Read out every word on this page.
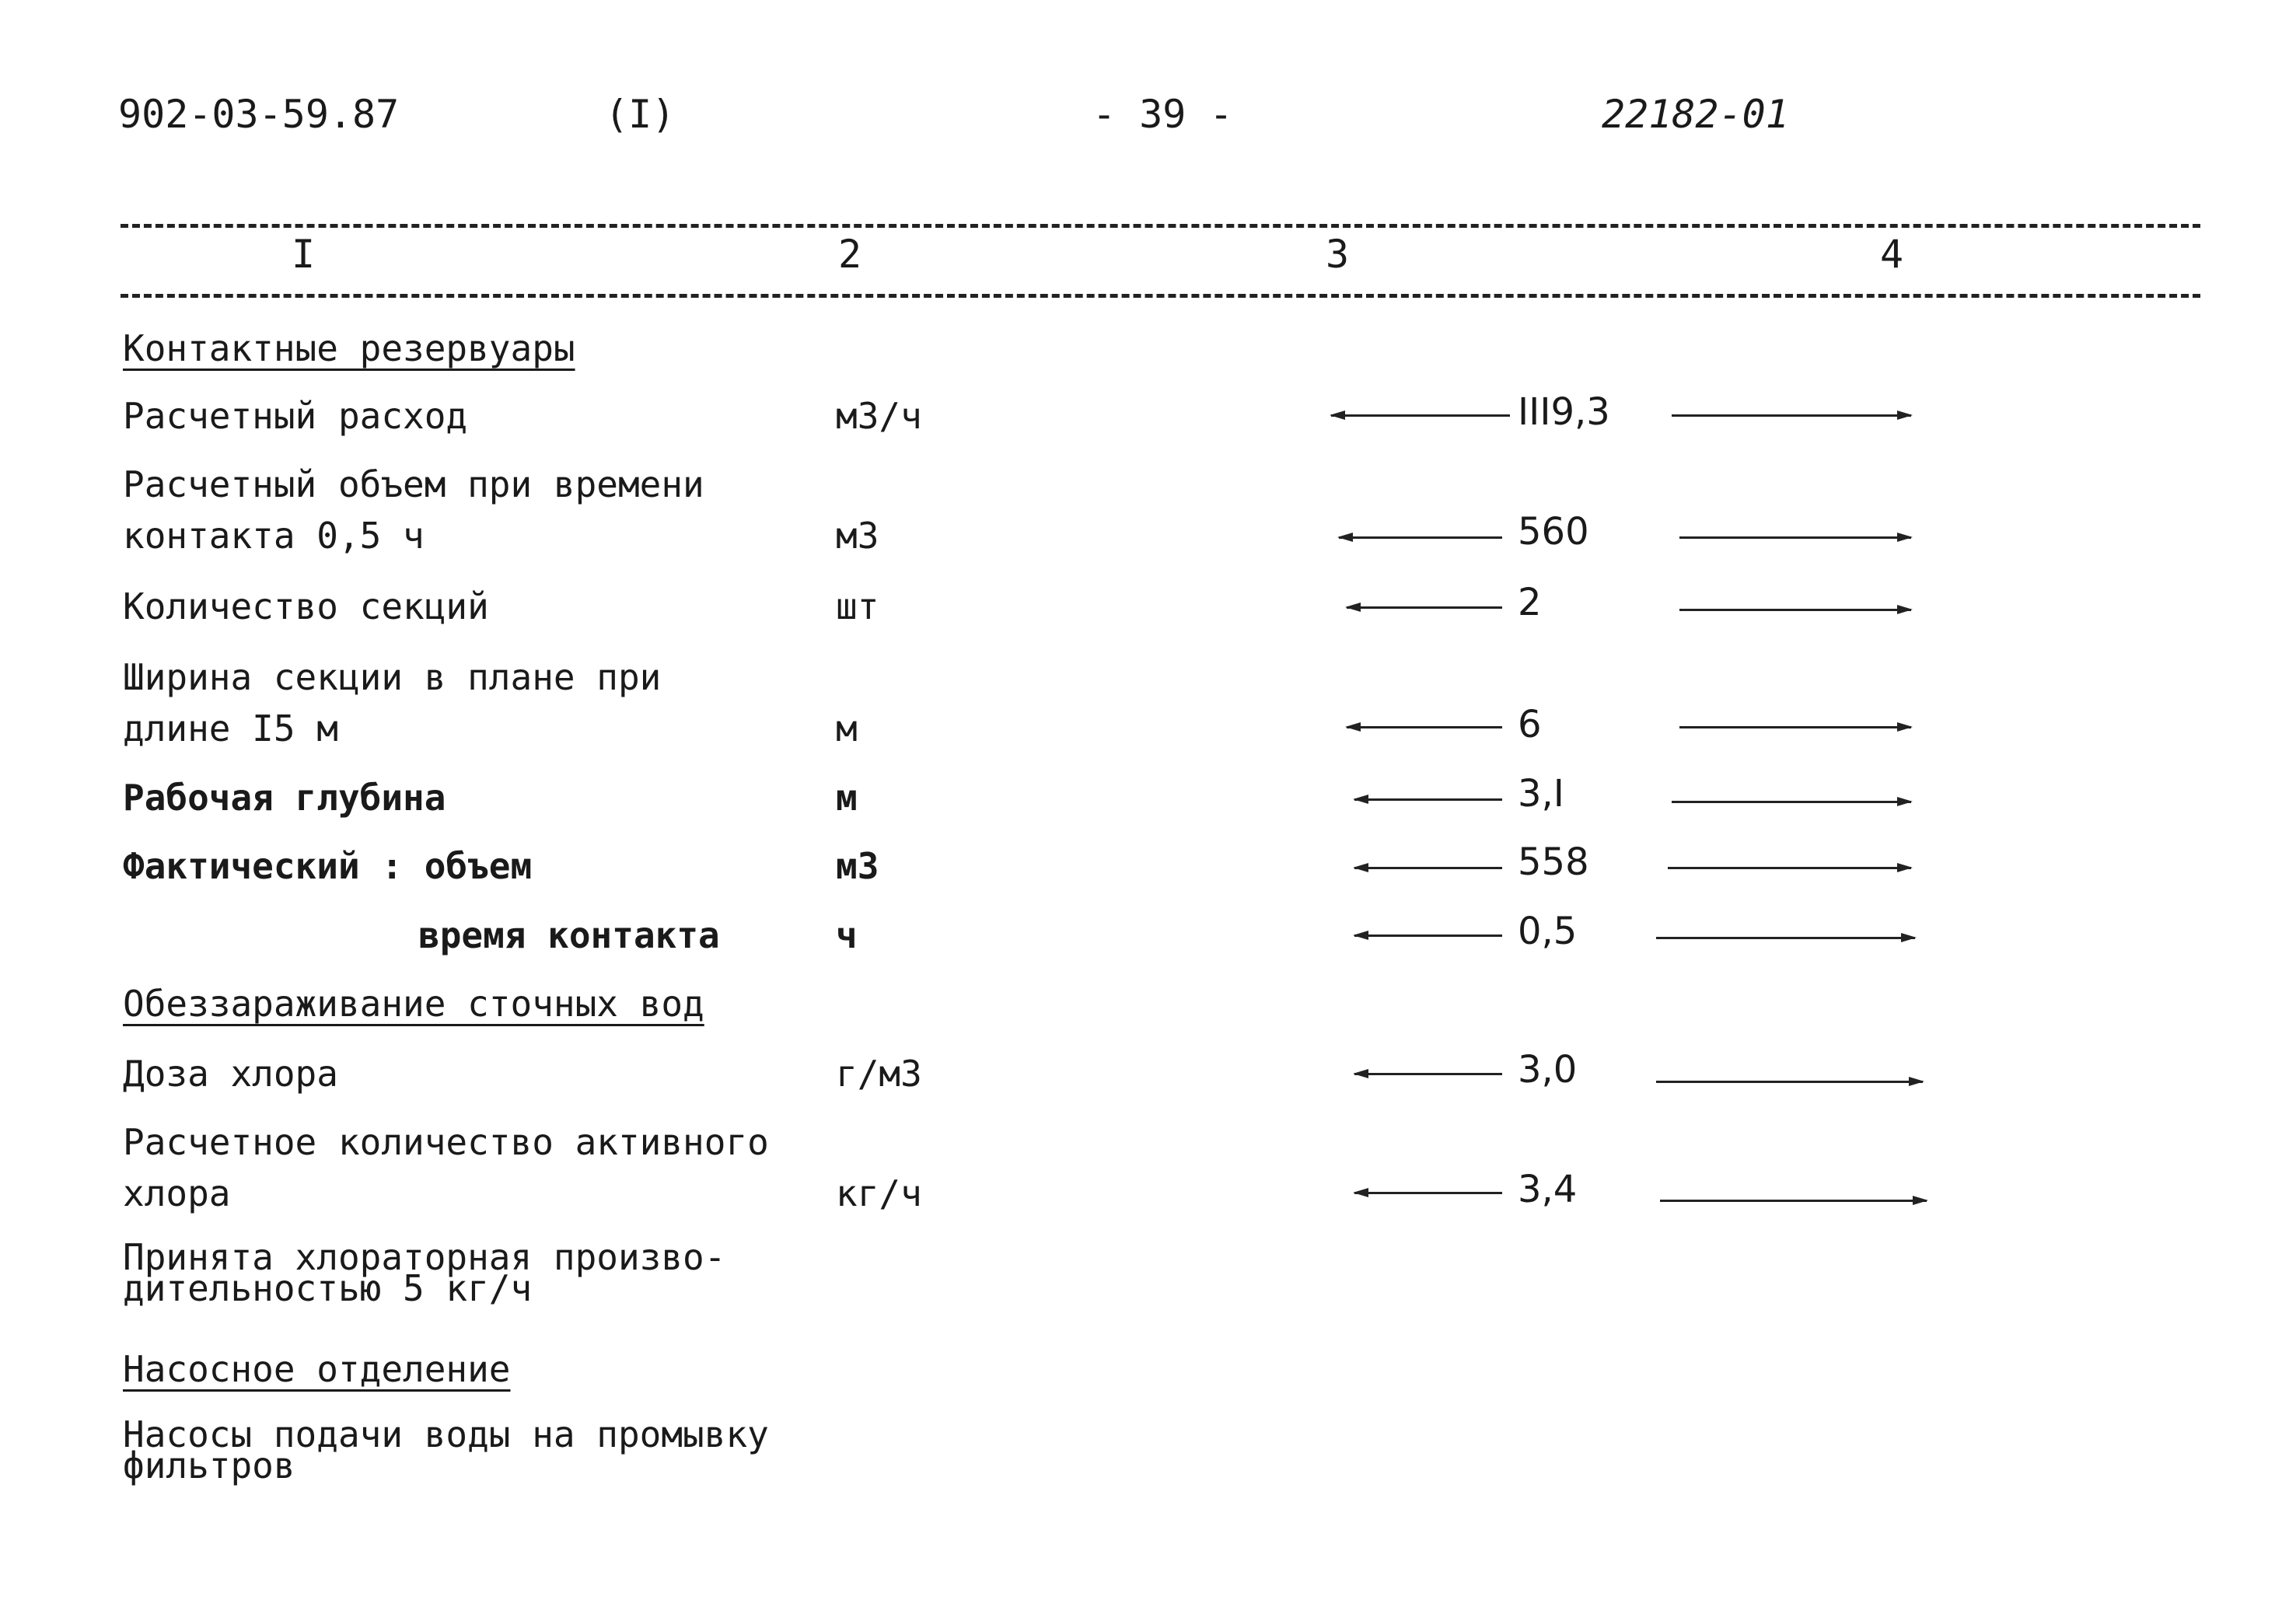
902-03-59.87	(I)	- 39 -	22182-01
I	2	3	4
Контактные резервуары
Расчетный расход	м3/ч	III9,3
Расчетный объем при времени
контакта 0,5 ч	м3	560
Количество секций	шт	2
Ширина секции в плане при
длине I5 м	м	6
Рабочая глубина	м	3,I
Фактический : объем	м3	558
время контакта	ч	0,5
Обеззараживание сточных вод
Доза хлора	г/м3	3,0
Расчетное количество активного
хлора	кг/ч	3,4
Принята хлораторная произво-
дительностью 5 кг/ч
Насосное отделение
Насосы подачи воды на промывку
фильтров
